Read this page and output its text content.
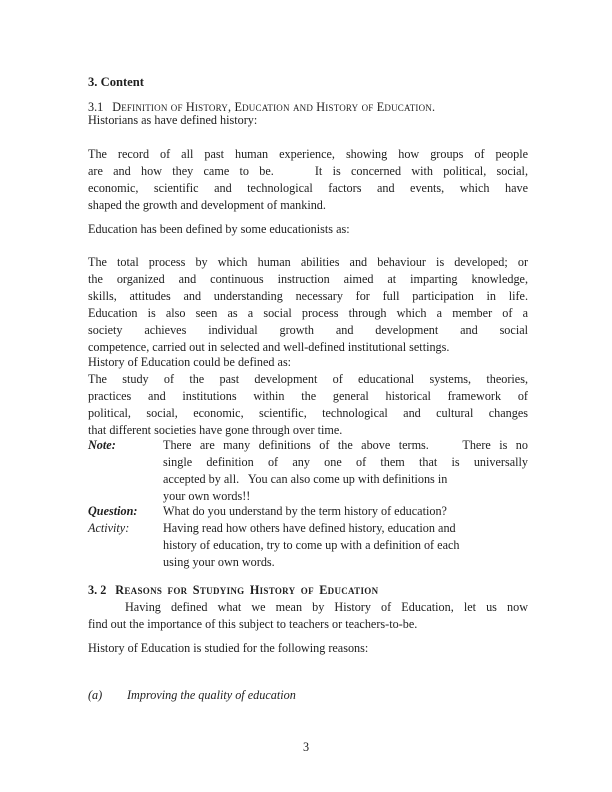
3. Content
3.1 Definition of History, Education and History of Education.
Historians as have defined history:
The record of all past human experience, showing how groups of people
are and how they came to be.    It is concerned with political, social,
economic, scientific and technological factors and events, which have
shaped the growth and development of mankind.
Education has been defined by some educationists as:
The total process by which human abilities and behaviour is developed; or
the organized and continuous instruction aimed at imparting knowledge,
skills, attitudes and understanding necessary for full participation in life.
Education is also seen as a social process through which a member of a
society achieves individual growth and development and social
competence, carried out in selected and well-defined institutional settings.
History of Education could be defined as:
The study of the past development of educational systems, theories,
practices and institutions within the general historical framework of
political, social, economic, scientific, technological and cultural changes
that different societies have gone through over time.
Note:	There are many definitions of the above terms.    There is no
single definition of any one of them that is universally
accepted by all.   You can also come up with definitions in
your own words!!
Question: What do you understand by the term history of education?
Activity:	Having read how others have defined history, education and
history of education, try to come up with a definition of each
using your own words.
3. 2 Reasons for Studying History of Education
Having defined what we mean by History of Education, let us now
find out the importance of this subject to teachers or teachers-to-be.
History of Education is studied for the following reasons:
(a) Improving the quality of education
3
